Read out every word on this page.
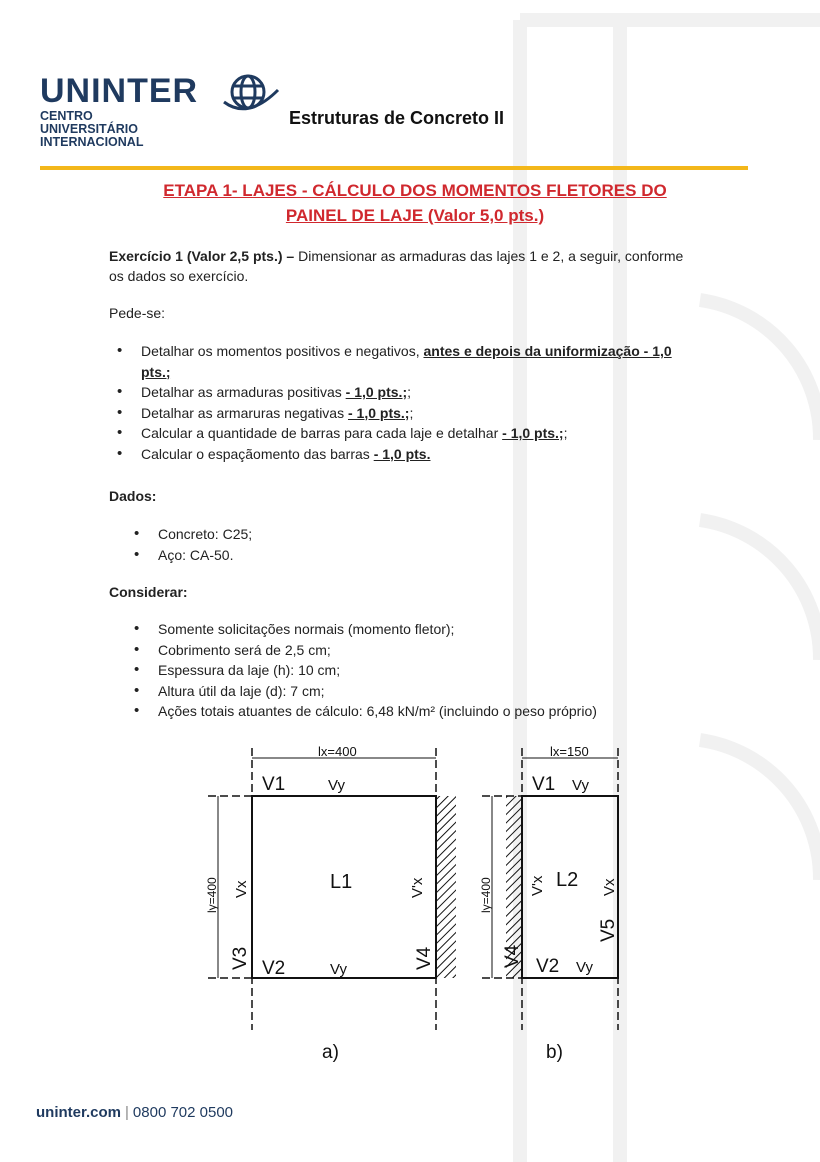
UNINTER
CENTRO
UNIVERSITÁRIO
INTERNACIONAL
Estruturas de Concreto II
ETAPA 1- LAJES - CÁLCULO DOS MOMENTOS FLETORES DO
PAINEL DE LAJE (Valor 5,0 pts.)
Exercício 1 (Valor 2,5 pts.) – Dimensionar as armaduras das lajes 1 e 2, a seguir, conforme
os dados so exercício.
Pede-se:
• Detalhar os momentos positivos e negativos, antes e depois da uniformização - 1,0
pts.;
• Detalhar as armaduras positivas - 1,0 pts.;;
• Detalhar as armaruras negativas - 1,0 pts.;;
• Calcular a quantidade de barras para cada laje e detalhar - 1,0 pts.;;
• Calcular o espaçãomento das barras - 1,0 pts.
Dados:
• Concreto: C25;
• Aço: CA-50.
Considerar:
• Somente solicitações normais (momento fletor);
• Cobrimento será de 2,5 cm;
• Espessura da laje (h): 10 cm;
• Altura útil da laje (d): 7 cm;
• Ações totais atuantes de cálculo: 6,48 kN/m² (incluindo o peso próprio)
lx=400
ly=400
V1	Vy
L1
Vx	V'x
V3 V2	Vy	V4
a)
lx=150
ly=400
V1 Vy
L2
V'x	Vx
V5
V4 V2 Vy
b)
uninter.com | 0800 702 0500
